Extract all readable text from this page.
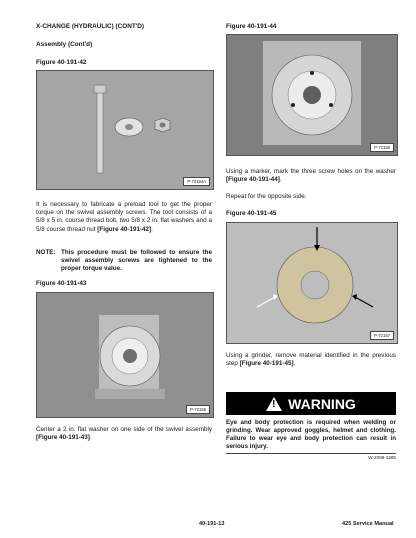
X-CHANGE (HYDRAULIC) (CONT'D)
Assembly (Cont'd)
Figure 40-191-42
P-72184A
It is necessary to fabricate a preload tool to get the proper torque on the swivel assembly screws. The tool consists of a 5/8 x 5 in. course thread bolt, two 5/8 x 2 in. flat washers and a 5/8 course thread nut [Figure 40-191-42].
NOTE: This procedure must be followed to ensure the swivel assembly screws are tightened to the proper torque value.
Figure 40-191-43
P-72155
Center a 2 in. flat washer on one side of the swivel assembly [Figure 40-191-43].
Figure 40-191-44
P-72156
Using a marker, mark the three screw holes on the washer [Figure 40-191-44].
Repeat for the opposite side.
Figure 40-191-45
P-72157
Using a grinder, remove material identified in the previous step [Figure 40-191-45].
! WARNING
Eye and body protection is required when welding or grinding. Wear approved goggles, helmet and clothing. Failure to wear eye and body protection can result in serious injury.
W-2009-1285
40-191-13	425 Service Manual
